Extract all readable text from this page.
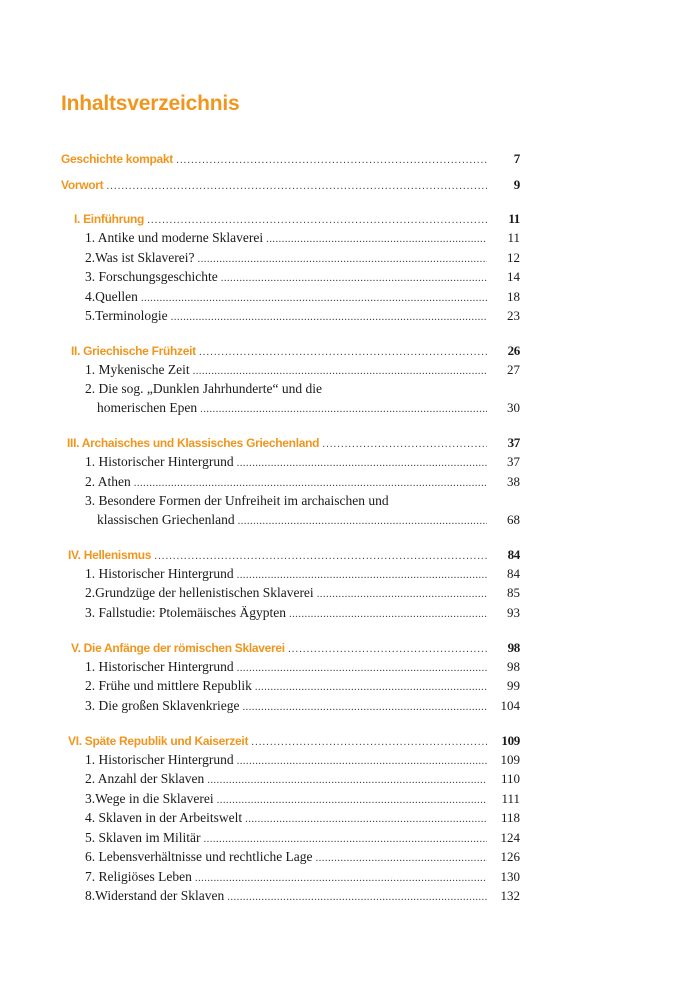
Inhaltsverzeichnis
Geschichte kompakt . . .	7
Vorwort . . .	9
I. Einführung . . .	11
1. Antike und moderne Sklaverei . . .	11
2.Was ist Sklaverei? . . .	12
3. Forschungsgeschichte . . .	14
4.Quellen . . .	18
5.Terminologie . . .	23
II. Griechische Frühzeit . . .	26
1. Mykenische Zeit . . .	27
2. Die sog. „Dunklen Jahrhunderte“ und die
homerischen Epen . . .	30
III. Archaisches und Klassisches Griechenland . . .	37
1. Historischer Hintergrund . . .	37
2. Athen . . .	38
3. Besondere Formen der Unfreiheit im archaischen und
klassischen Griechenland . . .	68
IV. Hellenismus . . .	84
1. Historischer Hintergrund . . .	84
2.Grundzüge der hellenistischen Sklaverei . . .	85
3. Fallstudie: Ptolemäisches Ägypten . . .	93
V. Die Anfänge der römischen Sklaverei . . .	98
1. Historischer Hintergrund . . .	98
2. Frühe und mittlere Republik . . .	99
3. Die großen Sklavenkriege . . .	104
VI. Späte Republik und Kaiserzeit . . .	109
1. Historischer Hintergrund . . .	109
2. Anzahl der Sklaven . . .	110
3.Wege in die Sklaverei . . .	111
4. Sklaven in der Arbeitswelt . . .	118
5. Sklaven im Militär . . .	124
6. Lebensverhältnisse und rechtliche Lage . . .	126
7. Religiöses Leben . . .	130
8.Widerstand der Sklaven . . .	132
